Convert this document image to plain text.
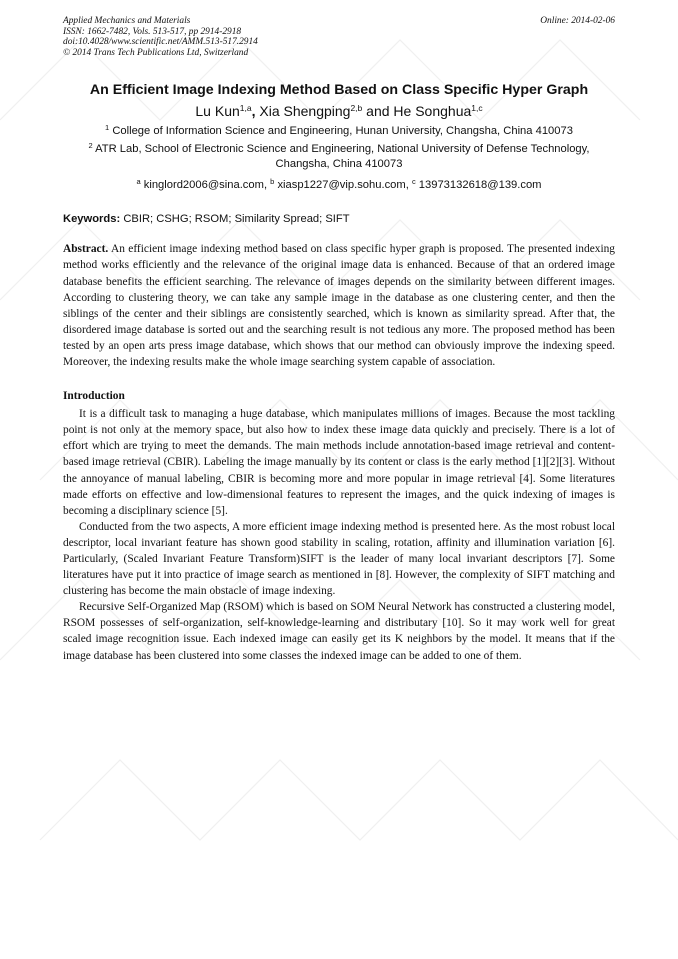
Applied Mechanics and Materials
ISSN: 1662-7482, Vols. 513-517, pp 2914-2918
doi:10.4028/www.scientific.net/AMM.513-517.2914
© 2014 Trans Tech Publications Ltd, Switzerland
Online: 2014-02-06
An Efficient Image Indexing Method Based on Class Specific Hyper Graph
Lu Kun$^{1,a}$, Xia Shengping$^{2,b}$ and He Songhua$^{1,c}$
$^1$ College of Information Science and Engineering, Hunan University, Changsha, China 410073
$^2$ ATR Lab, School of Electronic Science and Engineering, National University of Defense Technology, Changsha, China 410073
$^a$ kinglord2006@sina.com, $^b$ xiasp1227@vip.sohu.com, $^c$ 13973132618@139.com
Keywords: CBIR; CSHG; RSOM; Similarity Spread; SIFT
Abstract. An efficient image indexing method based on class specific hyper graph is proposed. The presented indexing method works efficiently and the relevance of the original image data is enhanced. Because of that an ordered image database benefits the efficient searching. The relevance of images depends on the similarity between different images. According to clustering theory, we can take any sample image in the database as one clustering center, and then the siblings of the center and their siblings are consistently searched, which is known as similarity spread. After that, the disordered image database is sorted out and the searching result is not tedious any more. The proposed method has been tested by an open arts press image database, which shows that our method can obviously improve the indexing speed. Moreover, the indexing results make the whole image searching system capable of association.
Introduction

It is a difficult task to managing a huge database, which manipulates millions of images. Because the most tackling point is not only at the memory space, but also how to index these image data quickly and precisely. There is a lot of effort which are trying to meet the demands. The main methods include annotation-based image retrieval and content-based image retrieval (CBIR). Labeling the image manually by its content or class is the early method [1][2][3]. Without the annoyance of manual labeling, CBIR is becoming more and more popular in image retrieval [4]. Some literatures made efforts on effective and low-dimensional features to represent the images, and the quick indexing of images is becoming a disciplinary science [5].

Conducted from the two aspects, A more efficient image indexing method is presented here. As the most robust local descriptor, local invariant feature has shown good stability in scaling, rotation, affinity and illumination variation [6]. Particularly, (Scaled Invariant Feature Transform)SIFT is the leader of many local invariant descriptors [7]. Some literatures have put it into practice of image search as mentioned in [8]. However, the complexity of SIFT matching and clustering has become the main obstacle of image indexing.

Recursive Self-Organized Map (RSOM) which is based on SOM Neural Network has constructed a clustering model, RSOM possesses of self-organization, self-knowledge-learning and distributary [10]. So it may work well for great scaled image recognition issue. Each indexed image can easily get its K neighbors by the model. It means that if the image database has been clustered into some classes the indexed image can be added to one of them.
